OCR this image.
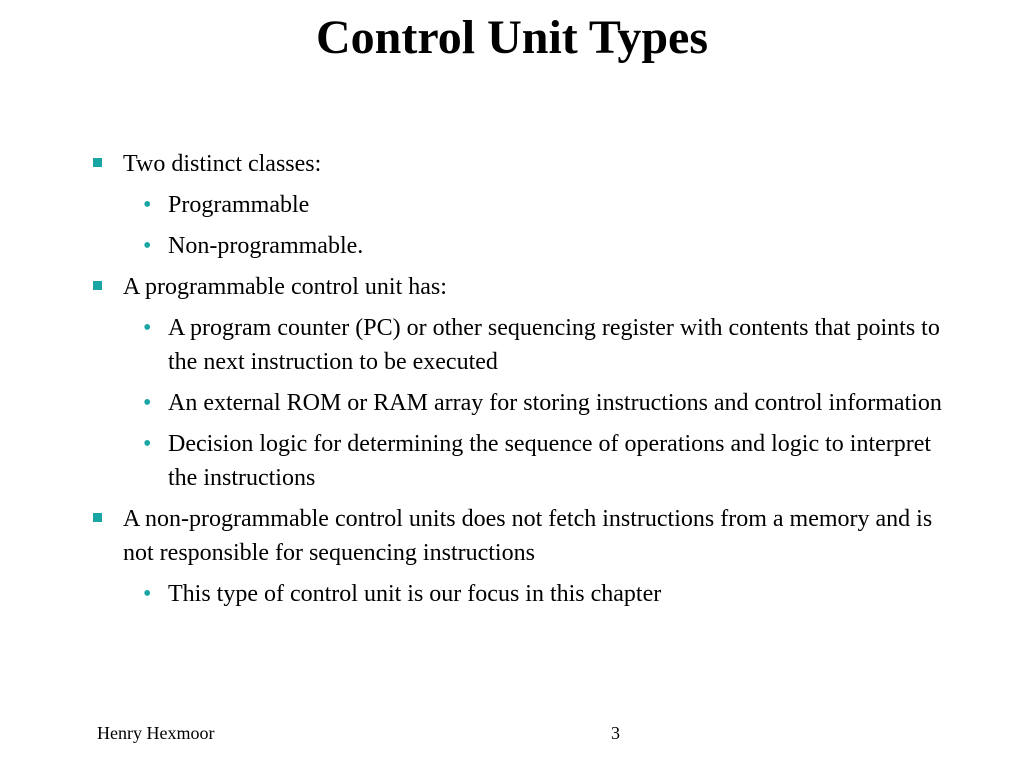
Control Unit Types
Two distinct classes:
• Programmable
• Non-programmable.
A programmable control unit has:
• A program counter (PC) or other sequencing register with contents that points to the next instruction to be executed
• An external ROM or RAM array for storing instructions and control information
• Decision logic for determining the sequence of operations and logic to interpret the instructions
A non-programmable control units does not fetch instructions from a memory and is not responsible for sequencing instructions
• This type of control unit is our focus in this chapter
Henry Hexmoor	3
